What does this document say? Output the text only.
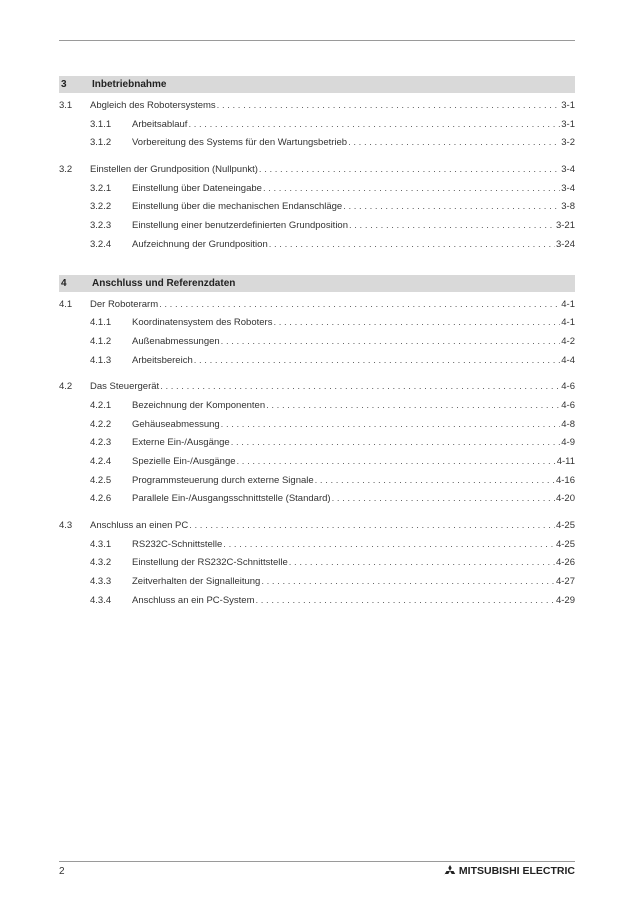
3	Inbetriebnahme
3.1	Abgleich des Robotersystems . . .	3-1
3.1.1	Arbeitsablauf . . .	3-1
3.1.2	Vorbereitung des Systems für den Wartungsbetrieb . . .	3-2
3.2	Einstellen der Grundposition (Nullpunkt) . . .	3-4
3.2.1	Einstellung über Dateneingabe . . .	3-4
3.2.2	Einstellung über die mechanischen Endanschläge . . .	3-8
3.2.3	Einstellung einer benutzerdefinierten Grundposition . . .	3-21
3.2.4	Aufzeichnung der Grundposition . . .	3-24
4	Anschluss und Referenzdaten
4.1	Der Roboterarm . . .	4-1
4.1.1	Koordinatensystem des Roboters . . .	4-1
4.1.2	Außenabmessungen . . .	4-2
4.1.3	Arbeitsbereich . . .	4-4
4.2	Das Steuergerät . . .	4-6
4.2.1	Bezeichnung der Komponenten . . .	4-6
4.2.2	Gehäuseabmessung . . .	4-8
4.2.3	Externe Ein-/Ausgänge . . .	4-9
4.2.4	Spezielle Ein-/Ausgänge . . .	4-11
4.2.5	Programmsteuerung durch externe Signale . . .	4-16
4.2.6	Parallele Ein-/Ausgangsschnittstelle (Standard) . . .	4-20
4.3	Anschluss an einen PC . . .	4-25
4.3.1	RS232C-Schnittstelle . . .	4-25
4.3.2	Einstellung der RS232C-Schnittstelle . . .	4-26
4.3.3	Zeitverhalten der Signalleitung . . .	4-27
4.3.4	Anschluss an ein PC-System . . .	4-29
2	MITSUBISHI ELECTRIC
